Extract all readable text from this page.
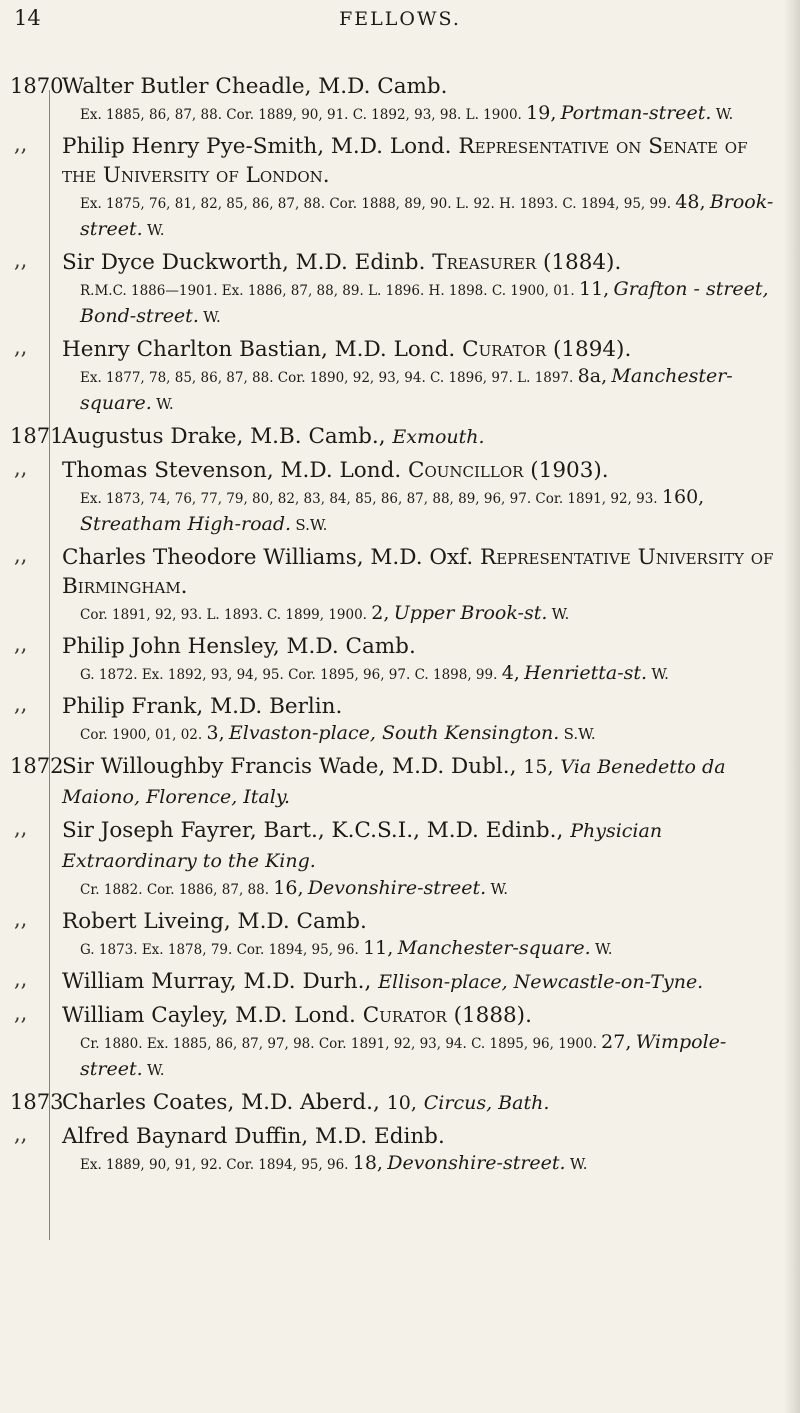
14	FELLOWS.
1870
Walter Butler Cheadle, M.D. Camb.
Ex. 1885, 86, 87, 88. Cor. 1889, 90, 91. C. 1892, 93, 98. L. 1900. 19, Portman-street. W.
,, Philip Henry Pye-Smith, M.D. Lond. Representative on Senate of the University of London.
Ex. 1875, 76, 81, 82, 85, 86, 87, 88. Cor. 1888, 89, 90. L. 92. H. 1893. C. 1894, 95, 99. 48, Brook-street. W.
,, Sir Dyce Duckworth, M.D. Edinb. Treasurer (1884).
R.M.C. 1886—1901. Ex. 1886, 87, 88, 89. L. 1896. H. 1898. C. 1900, 01. 11, Grafton - street, Bond-street. W.
,, Henry Charlton Bastian, M.D. Lond. Curator (1894).
Ex. 1877, 78, 85, 86, 87, 88. Cor. 1890, 92, 93, 94. C. 1896, 97. L. 1897. 8a, Manchester-square. W.
1871
Augustus Drake, M.B. Camb., Exmouth.
,, Thomas Stevenson, M.D. Lond. Councillor (1903).
Ex. 1873, 74, 76, 77, 79, 80, 82, 83, 84, 85, 86, 87, 88, 89, 96, 97. Cor. 1891, 92, 93. 160, Streatham High-road. S.W.
,, Charles Theodore Williams, M.D. Oxf. Representative University of Birmingham.
Cor. 1891, 92, 93. L. 1893. C. 1899, 1900. 2, Upper Brook-st. W.
,, Philip John Hensley, M.D. Camb.
G. 1872. Ex. 1892, 93, 94, 95. Cor. 1895, 96, 97. C. 1898, 99. 4, Henrietta-st. W.
,, Philip Frank, M.D. Berlin.
Cor. 1900, 01, 02. 3, Elvaston-place, South Kensington. S.W.
1872
Sir Willoughby Francis Wade, M.D. Dubl., 15, Via Benedetto da Maiono, Florence, Italy.
,, Sir Joseph Fayrer, Bart., K.C.S.I., M.D. Edinb., Physician Extraordinary to the King.
Cr. 1882. Cor. 1886, 87, 88. 16, Devonshire-street. W.
,, Robert Liveing, M.D. Camb.
G. 1873. Ex. 1878, 79. Cor. 1894, 95, 96. 11, Manchester-square. W.
,, William Murray, M.D. Durh., Ellison-place, Newcastle-on-Tyne.
,, William Cayley, M.D. Lond. Curator (1888).
Cr. 1880. Ex. 1885, 86, 87, 97, 98. Cor. 1891, 92, 93, 94. C. 1895, 96, 1900. 27, Wimpole-street. W.
1873
Charles Coates, M.D. Aberd., 10, Circus, Bath.
,, Alfred Baynard Duffin, M.D. Edinb.
Ex. 1889, 90, 91, 92. Cor. 1894, 95, 96. 18, Devonshire-street. W.
